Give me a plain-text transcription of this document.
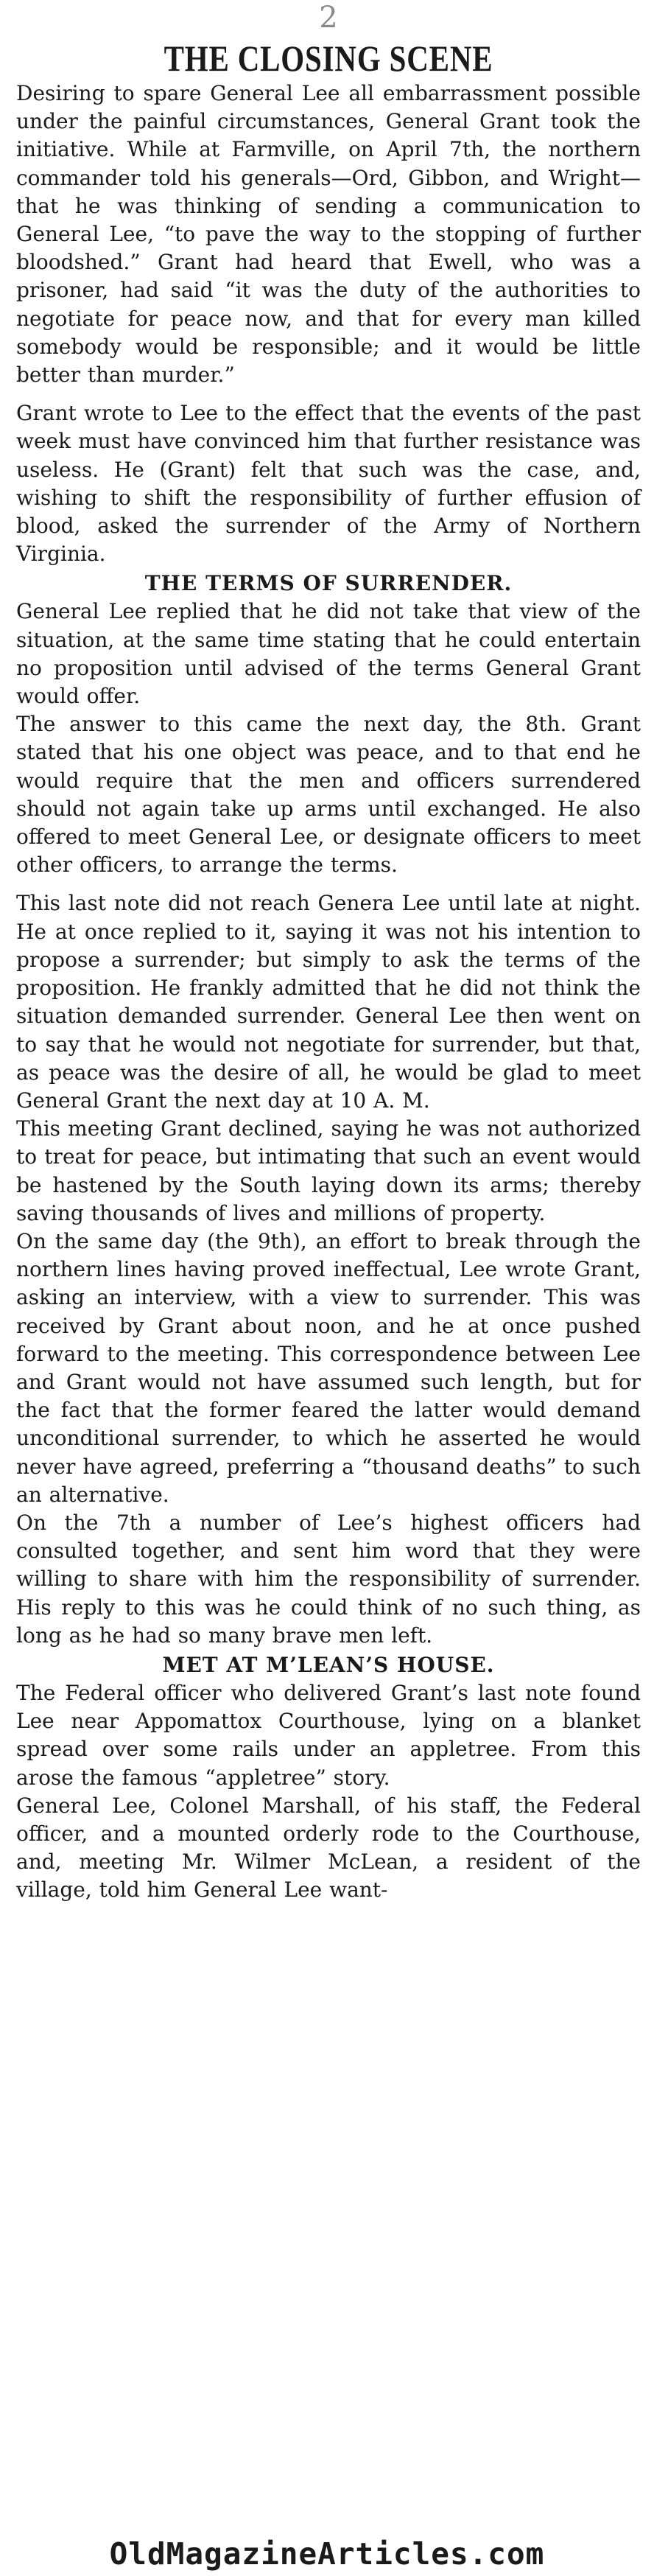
2
THE CLOSING SCENE

Desiring to spare General Lee all embarrassment possible under the painful circumstances, General Grant took the initiative. While at Farmville, on April 7th, the northern commander told his generals—Ord, Gibbon, and Wright—that he was thinking of sending a communication to General Lee, “to pave the way to the stopping of further bloodshed.” Grant had heard that Ewell, who was a prisoner, had said “it was the duty of the authorities to negotiate for peace now, and that for every man killed somebody would be responsible; and it would be little better than murder.”

Grant wrote to Lee to the effect that the events of the past week must have convinced him that further resistance was useless. He (Grant) felt that such was the case, and, wishing to shift the responsibility of further effusion of blood, asked the surrender of the Army of Northern Virginia.

THE TERMS OF SURRENDER.

General Lee replied that he did not take that view of the situation, at the same time stating that he could entertain no proposition until advised of the terms General Grant would offer.

The answer to this came the next day, the 8th. Grant stated that his one object was peace, and to that end he would require that the men and officers surrendered should not again take up arms until exchanged. He also offered to meet General Lee, or designate officers to meet other officers, to arrange the terms.

This last note did not reach Genera Lee until late at night. He at once replied to it, saying it was not his intention to propose a surrender; but simply to ask the terms of the proposition. He frankly admitted that he did not think the situation demanded surrender. General Lee then went on to say that he would not negotiate for surrender, but that, as peace was the desire of all, he would be glad to meet General Grant the next day at 10 A. M.

This meeting Grant declined, saying he was not authorized to treat for peace, but intimating that such an event would be hastened by the South laying down its arms; thereby saving thousands of lives and millions of property.

On the same day (the 9th), an effort to break through the northern lines having proved ineffectual, Lee wrote Grant, asking an interview, with a view to surrender. This was received by Grant about noon, and he at once pushed forward to the meeting. This correspondence between Lee and Grant would not have assumed such length, but for the fact that the former feared the latter would demand unconditional surrender, to which he asserted he would never have agreed, preferring a “thousand deaths” to such an alternative.

On the 7th a number of Lee’s highest officers had consulted together, and sent him word that they were willing to share with him the responsibility of surrender. His reply to this was he could think of no such thing, as long as he had so many brave men left.

MET AT M’LEAN’S HOUSE.

The Federal officer who delivered Grant’s last note found Lee near Appomattox Courthouse, lying on a blanket spread over some rails under an appletree. From this arose the famous “appletree” story.

General Lee, Colonel Marshall, of his staff, the Federal officer, and a mounted orderly rode to the Courthouse, and, meeting Mr. Wilmer McLean, a resident of the village, told him General Lee want-

OldMagazineArticles.com
